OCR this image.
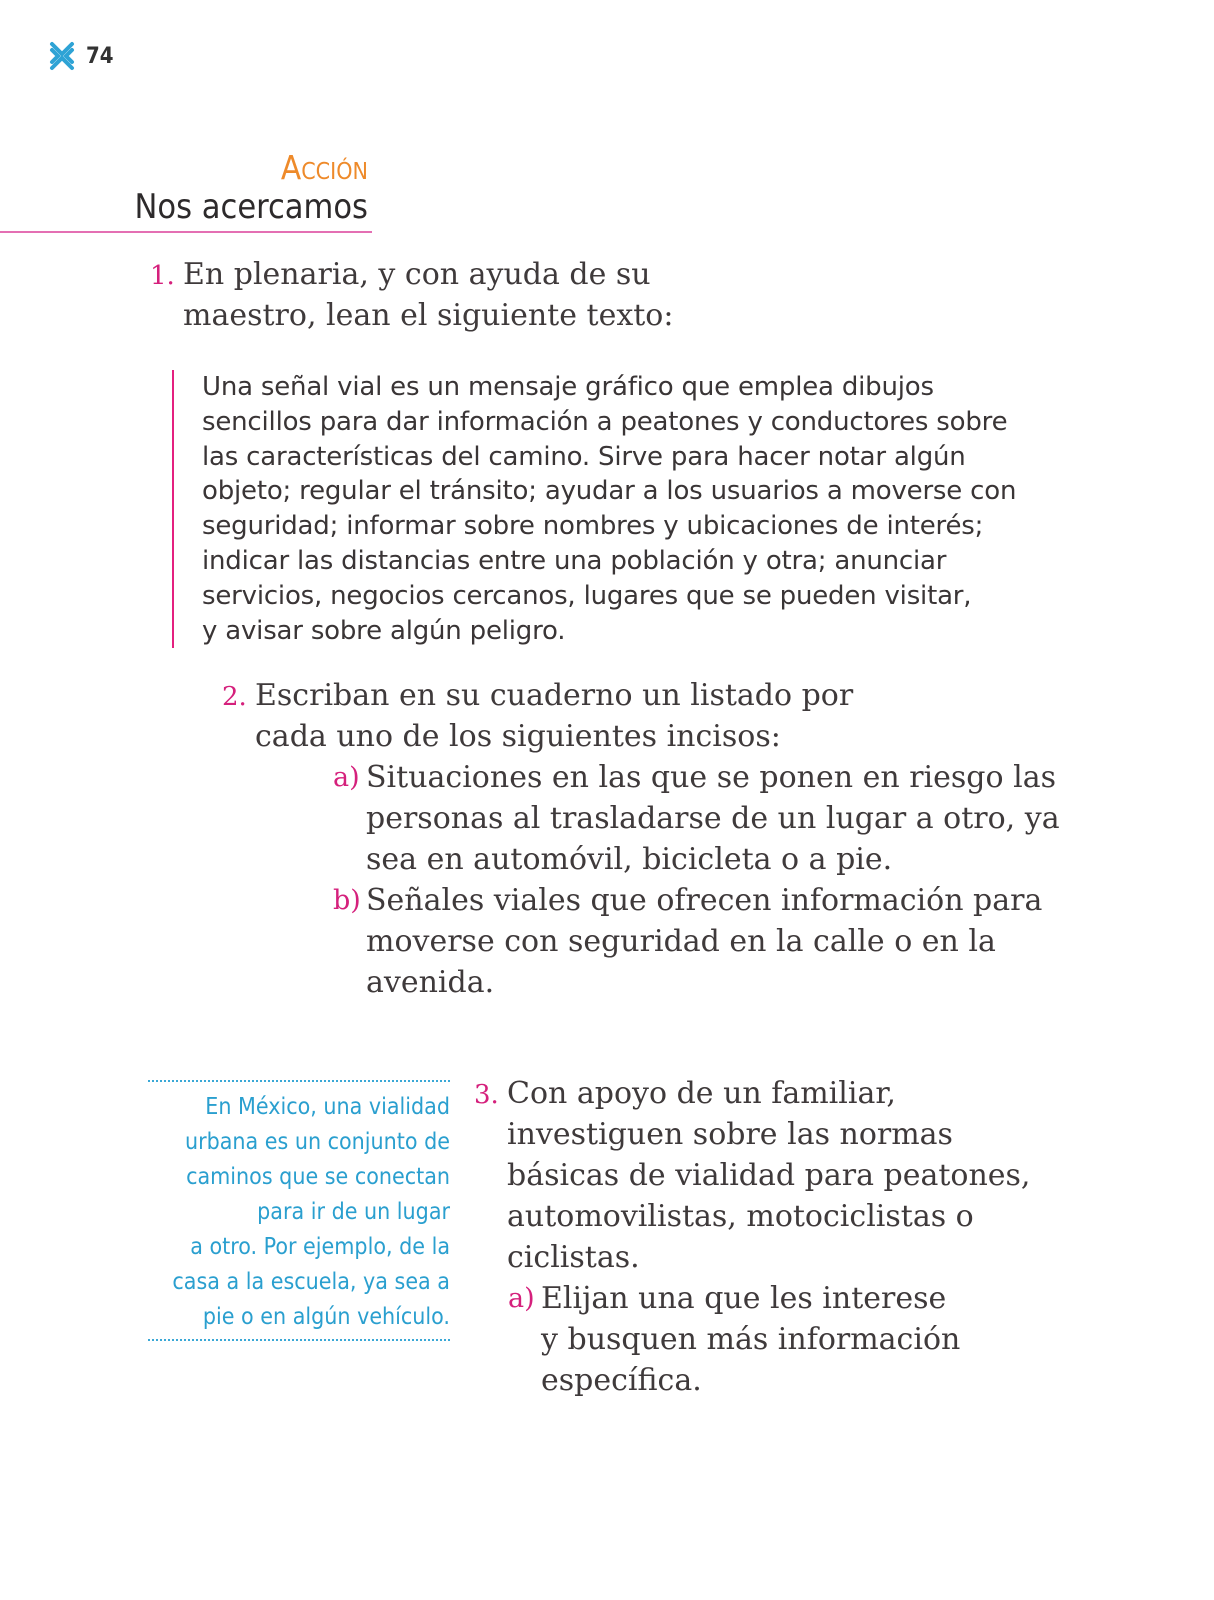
74
Acción
Nos acercamos
1. En plenaria, y con ayuda de su
maestro, lean el siguiente texto:
Una señal vial es un mensaje gráfico que emplea dibujos
sencillos para dar información a peatones y conductores sobre
las características del camino. Sirve para hacer notar algún
objeto; regular el tránsito; ayudar a los usuarios a moverse con
seguridad; informar sobre nombres y ubicaciones de interés;
indicar las distancias entre una población y otra; anunciar
servicios, negocios cercanos, lugares que se pueden visitar,
y avisar sobre algún peligro.
2. Escriban en su cuaderno un listado por
cada uno de los siguientes incisos:
a) Situaciones en las que se ponen en riesgo las
personas al trasladarse de un lugar a otro, ya
sea en automóvil, bicicleta o a pie.
b) Señales viales que ofrecen información para
moverse con seguridad en la calle o en la
avenida.
En México, una vialidad
urbana es un conjunto de
caminos que se conectan
para ir de un lugar
a otro. Por ejemplo, de la
casa a la escuela, ya sea a
pie o en algún vehículo.
3. Con apoyo de un familiar,
investiguen sobre las normas
básicas de vialidad para peatones,
automovilistas, motociclistas o
ciclistas.
a) Elijan una que les interese
y busquen más información
específica.
